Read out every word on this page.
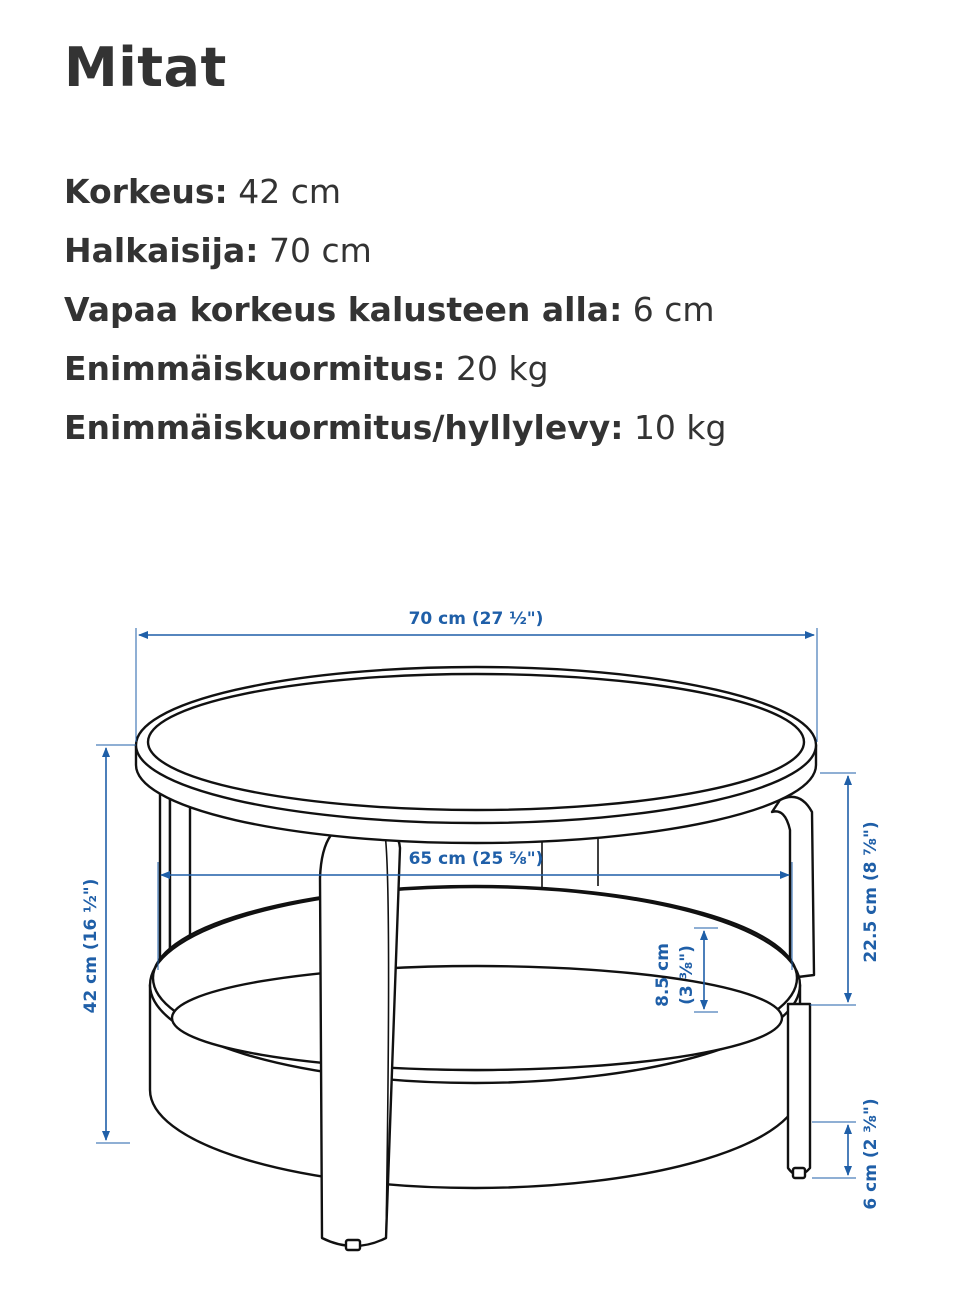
Mitat
Korkeus: 42 cm
Halkaisija: 70 cm
Vapaa korkeus kalusteen alla: 6 cm
Enimmäiskuormitus: 20 kg
Enimmäiskuormitus/hyllylevy: 10 kg
70 cm (27 ½")
65 cm (25 ⅝")
42 cm (16 ½")	22.5 cm (8 ⅞")
8.5 cm (3 ⅜")
6 cm (2 ⅜")
